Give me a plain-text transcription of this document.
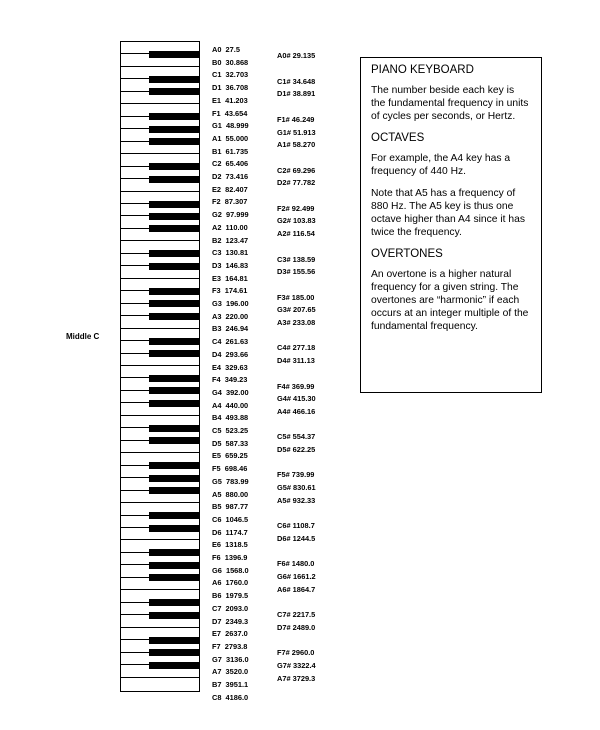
A0  27.5
B0  30.868
C1  32.703
D1  36.708
E1  41.203
F1  43.654
G1  48.999
A1  55.000
B1  61.735
C2  65.406
D2  73.416
E2  82.407
F2  87.307
G2  97.999
A2  110.00
B2  123.47
C3  130.81
D3  146.83
E3  164.81
F3  174.61
G3  196.00
A3  220.00
B3  246.94
C4  261.63
D4  293.66
E4  329.63
F4  349.23
G4  392.00
A4  440.00
B4  493.88
C5  523.25
D5  587.33
E5  659.25
F5  698.46
G5  783.99
A5  880.00
B5  987.77
C6  1046.5
D6  1174.7
E6  1318.5
F6  1396.9
G6  1568.0
A6  1760.0
B6  1979.5
C7  2093.0
D7  2349.3
E7  2637.0
F7  2793.8
G7  3136.0
A7  3520.0
B7  3951.1
C8  4186.0
A0# 29.135
C1# 34.648
D1# 38.891
F1# 46.249
G1# 51.913
A1# 58.270
C2# 69.296
D2# 77.782
F2# 92.499
G2# 103.83
A2# 116.54
C3# 138.59
D3# 155.56
F3# 185.00
G3# 207.65
A3# 233.08
C4# 277.18
D4# 311.13
F4# 369.99
G4# 415.30
A4# 466.16
C5# 554.37
D5# 622.25
F5# 739.99
G5# 830.61
A5# 932.33
C6# 1108.7
D6# 1244.5
F6# 1480.0
G6# 1661.2
A6# 1864.7
C7# 2217.5
D7# 2489.0
F7# 2960.0
G7# 3322.4
A7# 3729.3
Middle C

PIANO KEYBOARD

The number beside each key is the fundamental frequency in units of cycles per seconds, or Hertz.

OCTAVES

For example, the A4 key has a frequency of 440 Hz.

Note that A5 has a frequency of 880 Hz. The A5 key is thus one octave higher than A4 since it has twice the frequency.

OVERTONES

An overtone is a higher natural frequency for a given string. The overtones are “harmonic” if each occurs at an integer multiple of the fundamental frequency.
